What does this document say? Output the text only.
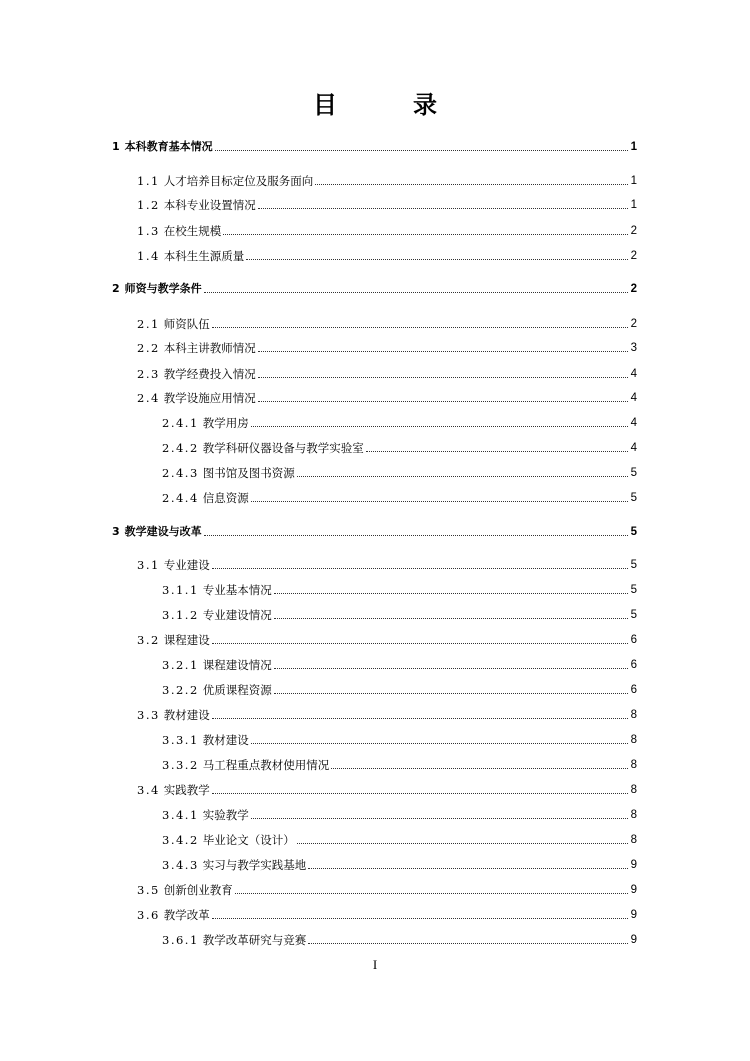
目　录
1 本科教育基本情况	1
1.1 人才培养目标定位及服务面向	1
1.2 本科专业设置情况	1
1.3 在校生规模	2
1.4 本科生生源质量	2
2 师资与教学条件	2
2.1 师资队伍	2
2.2 本科主讲教师情况	3
2.3 教学经费投入情况	4
2.4 教学设施应用情况	4
2.4.1 教学用房	4
2.4.2 教学科研仪器设备与教学实验室	4
2.4.3 图书馆及图书资源	5
2.4.4 信息资源	5
3 教学建设与改革	5
3.1 专业建设	5
3.1.1 专业基本情况	5
3.1.2 专业建设情况	5
3.2 课程建设	6
3.2.1 课程建设情况	6
3.2.2 优质课程资源	6
3.3 教材建设	8
3.3.1 教材建设	8
3.3.2 马工程重点教材使用情况	8
3.4 实践教学	8
3.4.1 实验教学	8
3.4.2 毕业论文（设计）	8
3.4.3 实习与教学实践基地	9
3.5 创新创业教育	9
3.6 教学改革	9
3.6.1 教学改革研究与竞赛	9
I
